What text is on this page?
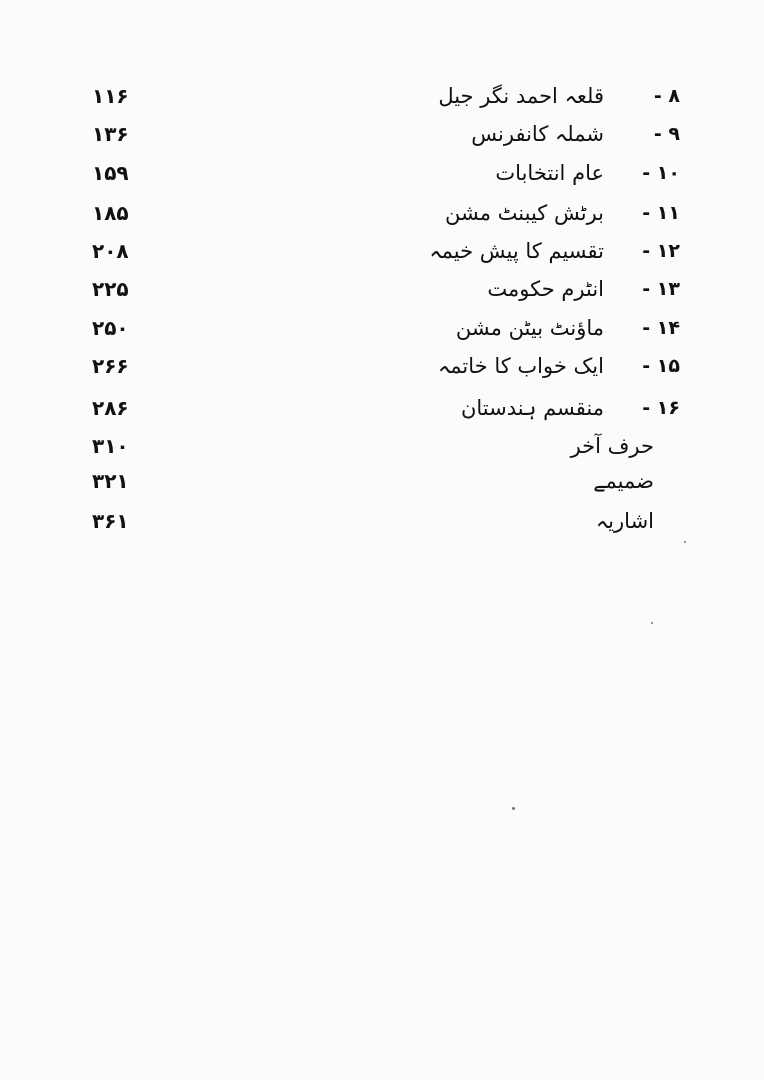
۱۱۶	قلعہ احمد نگر جیل	۸ -
۱۳۶	شملہ کانفرنس	۹ -
۱۵۹	عام انتخابات	۱۰ -
۱۸۵	برٹش کیبنٹ مشن	۱۱ -
۲۰۸	تقسیم کا پیش خیمہ	۱۲ -
۲۲۵	انٹرم حکومت	۱۳ -
۲۵۰	ماؤنٹ بیٹن مشن	۱۴ -
۲۶۶	ایک خواب کا خاتمہ	۱۵ -
۲۸۶	منقسم ہندستان	۱۶ -
۳۱۰	حرف آخر
۳۲۱	ضمیمے
۳۶۱	اشاریہ
